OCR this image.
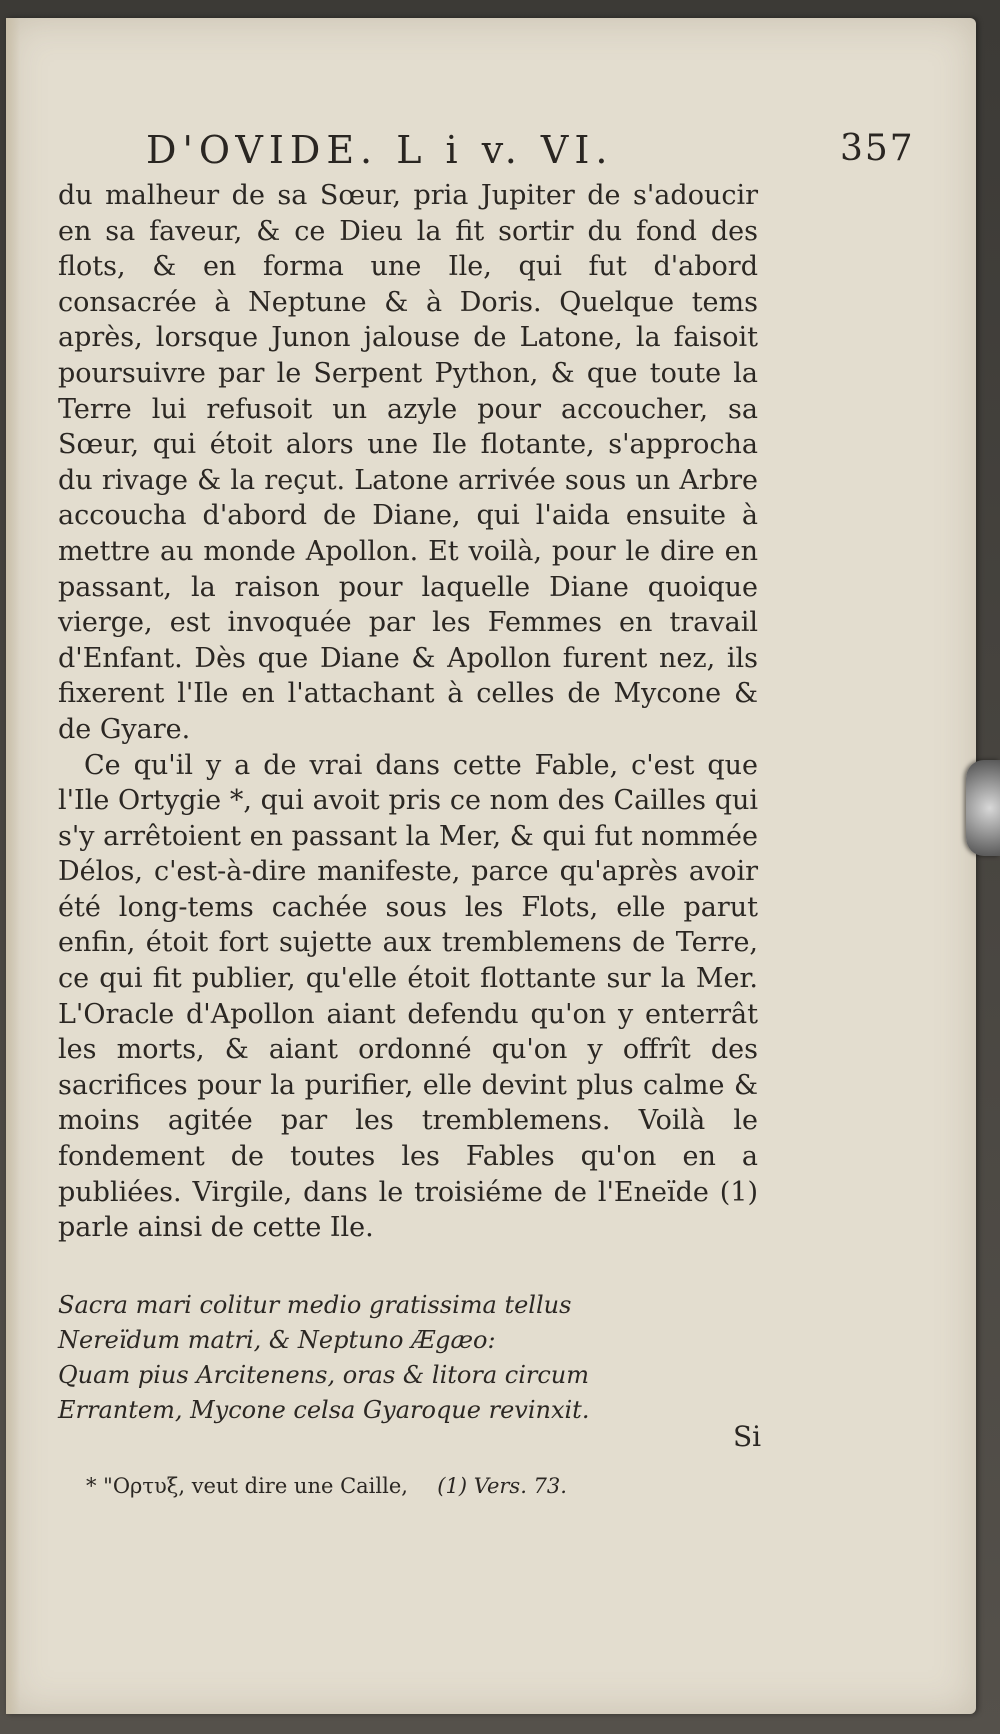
D'OVIDE. L i v. VI.	357

du malheur de sa Sœur, pria Jupiter de s'adoucir en sa faveur, & ce Dieu la fit sortir du fond des flots, & en forma une Ile, qui fut d'abord consacrée à Neptune & à Doris. Quelque tems après, lorsque Junon jalouse de Latone, la faisoit poursuivre par le Serpent Python, & que toute la Terre lui refusoit un azyle pour accoucher, sa Sœur, qui étoit alors une Ile flotante, s'approcha du rivage & la reçut. Latone arrivée sous un Arbre accoucha d'abord de Diane, qui l'aida ensuite à mettre au monde Apollon. Et voilà, pour le dire en passant, la raison pour laquelle Diane quoique vierge, est invoquée par les Femmes en travail d'Enfant. Dès que Diane & Apollon furent nez, ils fixerent l'Ile en l'attachant à celles de Mycone & de Gyare.

Ce qu'il y a de vrai dans cette Fable, c'est que l'Ile Ortygie *, qui avoit pris ce nom des Cailles qui s'y arrêtoient en passant la Mer, & qui fut nommée Délos, c'est-à-dire manifeste, parce qu'après avoir été long-tems cachée sous les Flots, elle parut enfin, étoit fort sujette aux tremblemens de Terre, ce qui fit publier, qu'elle étoit flottante sur la Mer. L'Oracle d'Apollon aiant defendu qu'on y enterrât les morts, & aiant ordonné qu'on y offrît des sacrifices pour la purifier, elle devint plus calme & moins agitée par les tremblemens. Voilà le fondement de toutes les Fables qu'on en a publiées. Virgile, dans le troisiéme de l'Eneïde (1) parle ainsi de cette Ile.

Sacra mari colitur medio gratissima tellus
Nereïdum matri, & Neptuno Ægæo:
Quam pius Arcitenens, oras & litora circum
Errantem, Mycone celsa Gyaroque revinxit.
Si
* "Ορτυξ, veut dire une Caille, (1) Vers. 73.
